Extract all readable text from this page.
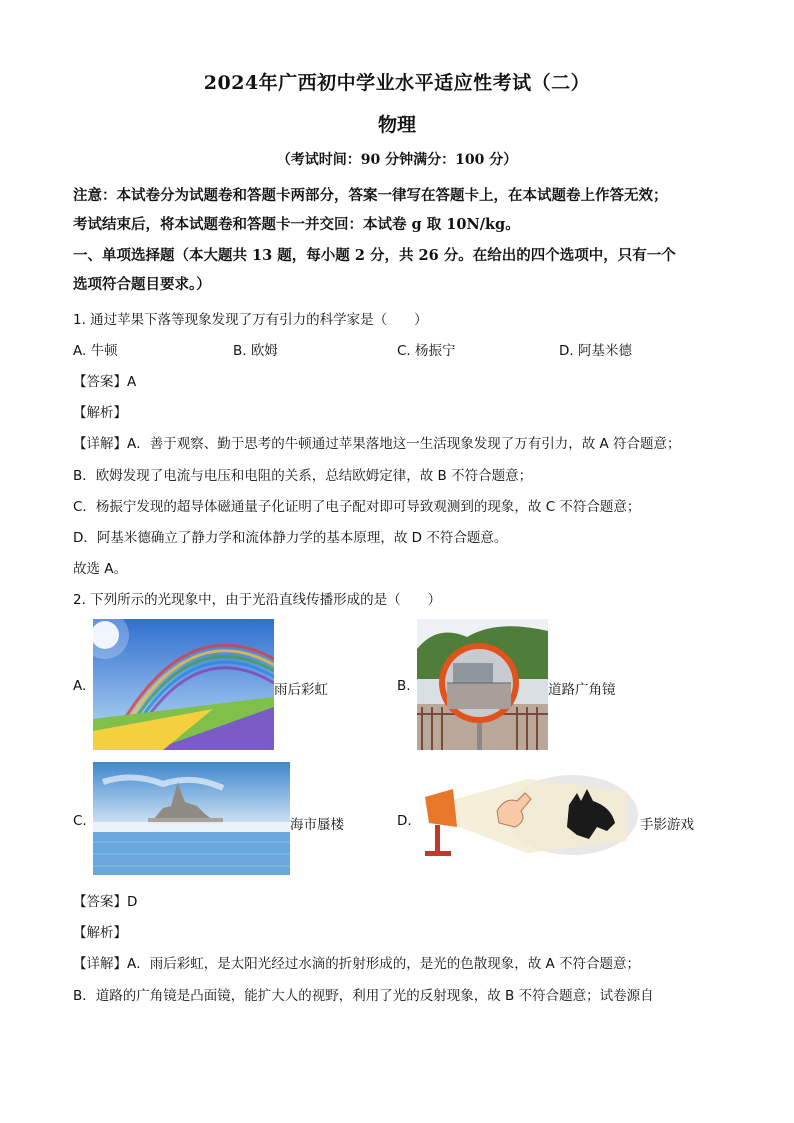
2024年广西初中学业水平适应性考试（二）
物理
（考试时间：90 分钟满分：100 分）
注意：本试卷分为试题卷和答题卡两部分，答案一律写在答题卡上，在本试题卷上作答无效；
考试结束后，将本试题卷和答题卡一并交回：本试卷 g 取 10N/kg。
一、单项选择题（本大题共 13 题，每小题 2 分，共 26 分。在给出的四个选项中，只有一个
选项符合题目要求。）
1. 通过苹果下落等现象发现了万有引力的科学家是（　　）
A. 牛顿	B. 欧姆	C. 杨振宁	D. 阿基米德
【答案】A
【解析】
【详解】A．善于观察、勤于思考的牛顿通过苹果落地这一生活现象发现了万有引力，故 A 符合题意；
B．欧姆发现了电流与电压和电阻的关系，总结欧姆定律，故 B 不符合题意；
C．杨振宁发现的超导体磁通量子化证明了电子配对即可导致观测到的现象，故 C 不符合题意；
D．阿基米德确立了静力学和流体静力学的基本原理，故 D 不符合题意。
故选 A。
2. 下列所示的光现象中，由于光沿直线传播形成的是（　　）
A.	雨后彩虹	B.	道路广角镜
C.	海市蜃楼	D.	手影游戏
【答案】D
【解析】
【详解】A．雨后彩虹，是太阳光经过水滴的折射形成的，是光的色散现象，故 A 不符合题意；
B．道路的广角镜是凸面镜，能扩大人的视野，利用了光的反射现象，故 B 不符合题意；试卷源自
